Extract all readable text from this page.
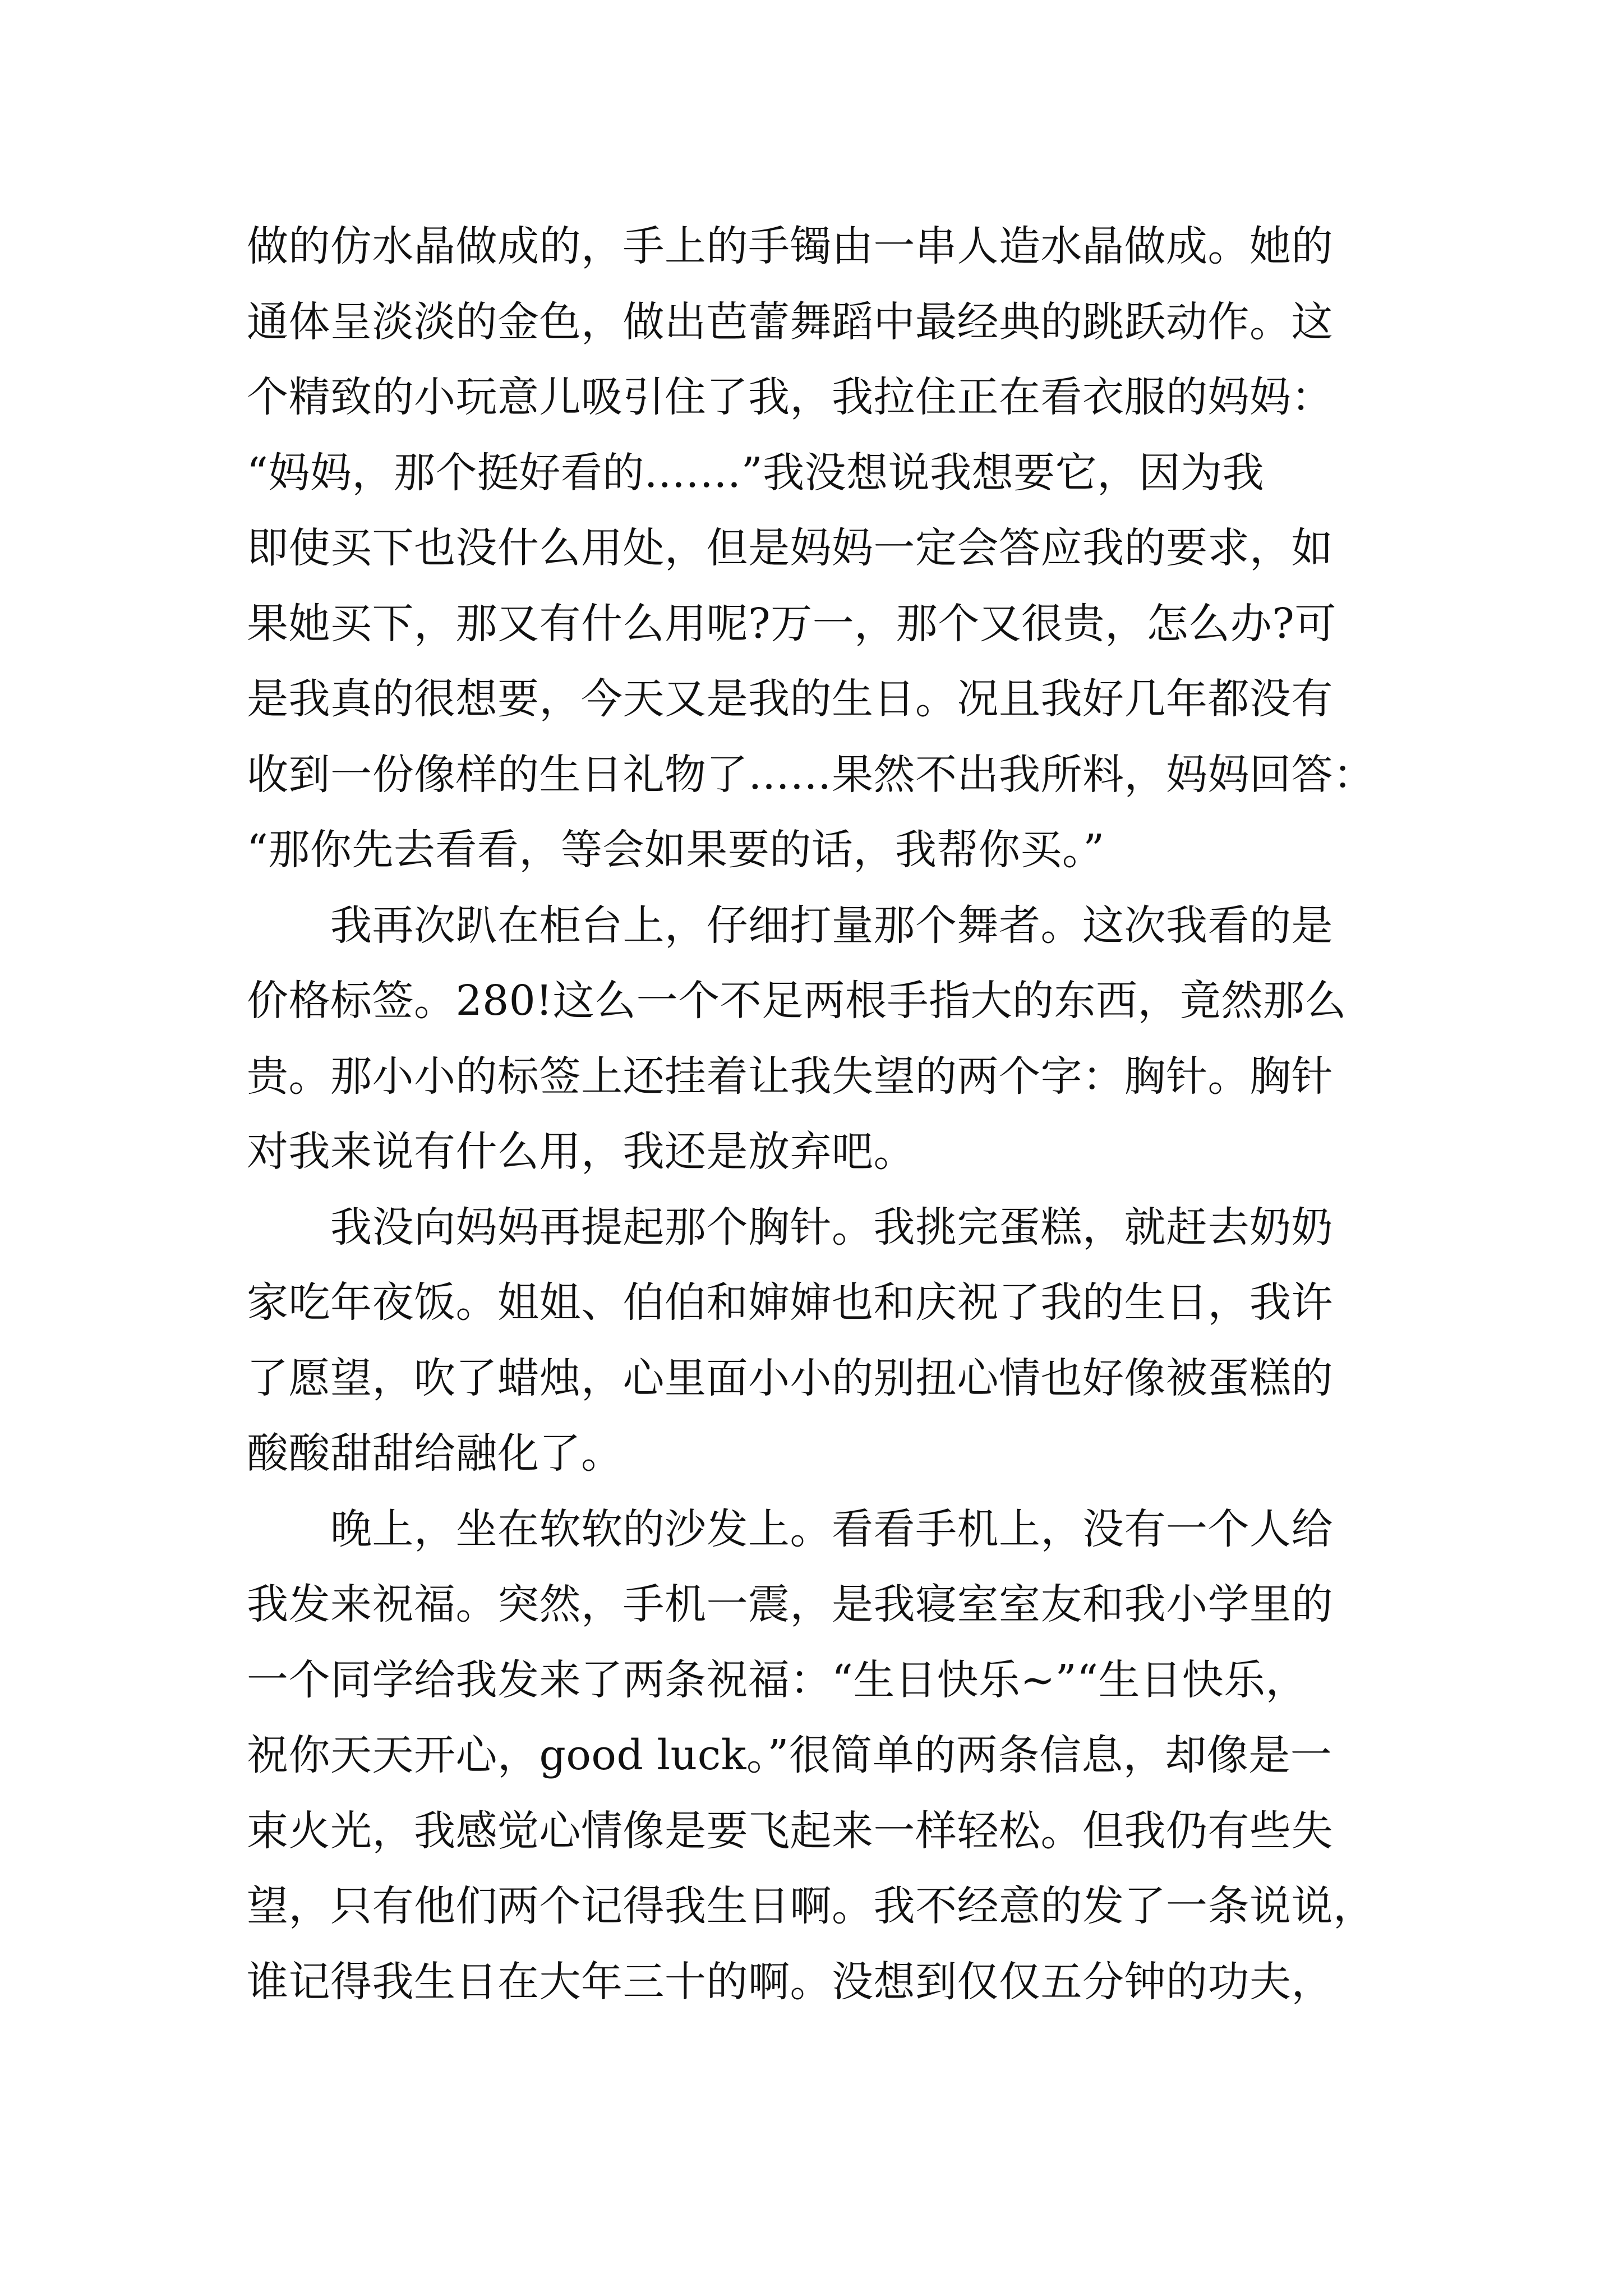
做的仿水晶做成的，手上的手镯由一串人造水晶做成。她的
通体呈淡淡的金色，做出芭蕾舞蹈中最经典的跳跃动作。这
个精致的小玩意儿吸引住了我，我拉住正在看衣服的妈妈：
“妈妈，那个挺好看的.……”我没想说我想要它，因为我
即使买下也没什么用处，但是妈妈一定会答应我的要求，如
果她买下，那又有什么用呢?万一，那个又很贵，怎么办?可
是我真的很想要，今天又是我的生日。况且我好几年都没有
收到一份像样的生日礼物了……果然不出我所料，妈妈回答：
“那你先去看看，等会如果要的话，我帮你买。”
　　我再次趴在柜台上，仔细打量那个舞者。这次我看的是
价格标签。280!这么一个不足两根手指大的东西，竟然那么
贵。那小小的标签上还挂着让我失望的两个字：胸针。胸针
对我来说有什么用，我还是放弃吧。
　　我没向妈妈再提起那个胸针。我挑完蛋糕，就赶去奶奶
家吃年夜饭。姐姐、伯伯和婶婶也和庆祝了我的生日，我许
了愿望，吹了蜡烛，心里面小小的别扭心情也好像被蛋糕的
酸酸甜甜给融化了。
　　晚上，坐在软软的沙发上。看看手机上，没有一个人给
我发来祝福。突然，手机一震，是我寝室室友和我小学里的
一个同学给我发来了两条祝福：“生日快乐~”“生日快乐，
祝你天天开心，good luck。”很简单的两条信息，却像是一
束火光，我感觉心情像是要飞起来一样轻松。但我仍有些失
望，只有他们两个记得我生日啊。我不经意的发了一条说说，
谁记得我生日在大年三十的啊。没想到仅仅五分钟的功夫，
